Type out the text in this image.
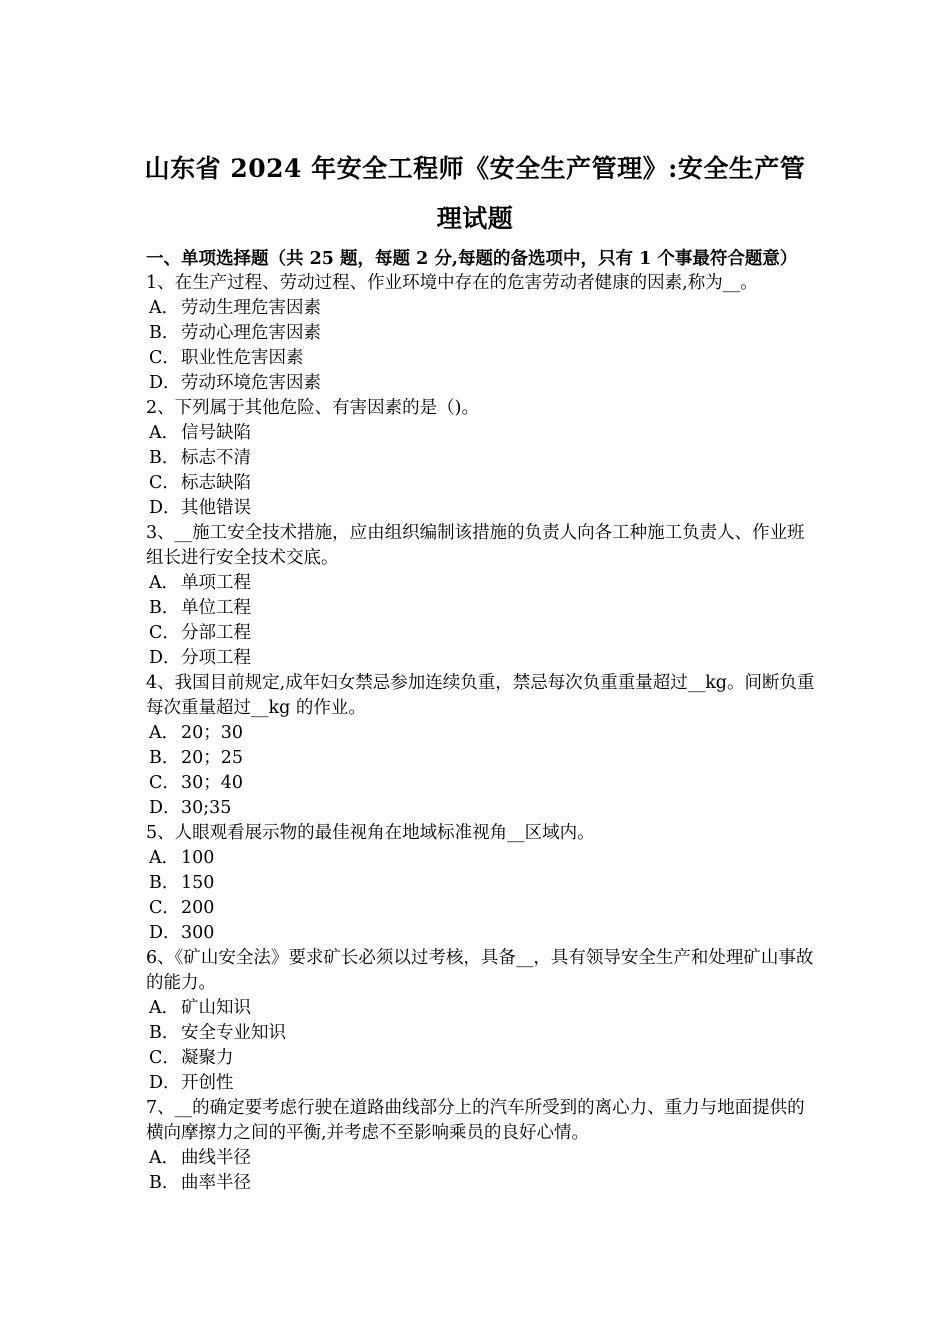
山东省 2024 年安全工程师《安全生产管理》:安全生产管
理试题
一、单项选择题（共 25 题，每题 2 分,每题的备选项中，只有 1 个事最符合题意）

1、在生产过程、劳动过程、作业环境中存在的危害劳动者健康的因素,称为__。

A． 劳动生理危害因素

B．劳动心理危害因素

C．职业性危害因素

D．劳动环境危害因素

2、下列属于其他危险、有害因素的是（)。

A． 信号缺陷

B．标志不清

C．标志缺陷

D．其他错误

3、__施工安全技术措施，应由组织编制该措施的负责人向各工种施工负责人、作业班组长进行安全技术交底。

A． 单项工程

B．单位工程

C．分部工程

D．分项工程

4、我国目前规定,成年妇女禁忌参加连续负重，禁忌每次负重重量超过__kg。间断负重每次重量超过__kg 的作业。

A． 20；30

B．20；25

C．30；40

D．30;35

5、人眼观看展示物的最佳视角在地域标准视角__区域内。

A． 100

B．150

C．200

D．300

6、《矿山安全法》要求矿长必须以过考核，具备__，具有领导安全生产和处理矿山事故的能力。

A． 矿山知识

B．安全专业知识

C．凝聚力

D．开创性

7、__的确定要考虑行驶在道路曲线部分上的汽车所受到的离心力、重力与地面提供的横向摩擦力之间的平衡,并考虑不至影响乘员的良好心情。

A． 曲线半径

B．曲率半径
